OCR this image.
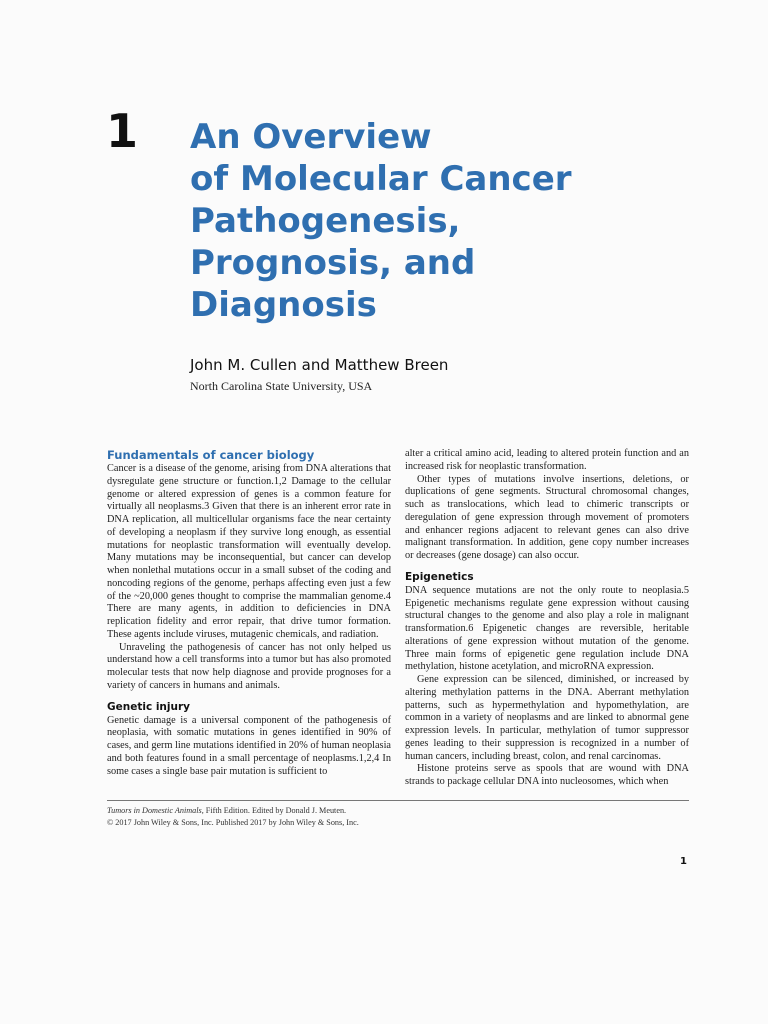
1 An Overview
of Molecular Cancer
Pathogenesis,
Prognosis, and
Diagnosis
John M. Cullen and Matthew Breen
North Carolina State University, USA
Fundamentals of cancer biology

Cancer is a disease of the genome, arising from DNA alterations that dysregulate gene structure or function.1,2 Damage to the cellular genome or altered expression of genes is a common feature for virtually all neoplasms.3 Given that there is an inherent error rate in DNA replication, all multicellular organisms face the near certainty of developing a neoplasm if they survive long enough, as essential mutations for neoplastic transformation will eventually develop. Many mutations may be inconsequential, but cancer can develop when nonlethal mutations occur in a small subset of the coding and noncoding regions of the genome, perhaps affecting even just a few of the ~20,000 genes thought to comprise the mammalian genome.4 There are many agents, in addition to deficiencies in DNA replication fidelity and error repair, that drive tumor formation. These agents include viruses, mutagenic chemicals, and radiation.

Unraveling the pathogenesis of cancer has not only helped us understand how a cell transforms into a tumor but has also promoted molecular tests that now help diagnose and provide prognoses for a variety of cancers in humans and animals.

Genetic injury

Genetic damage is a universal component of the pathogenesis of neoplasia, with somatic mutations in genes identified in 90% of cases, and germ line mutations identified in 20% of human neoplasia and both features found in a small percentage of neoplasms.1,2,4 In some cases a single base pair mutation is sufficient to

alter a critical amino acid, leading to altered protein function and an increased risk for neoplastic transformation.

Other types of mutations involve insertions, deletions, or duplications of gene segments. Structural chromosomal changes, such as translocations, which lead to chimeric transcripts or deregulation of gene expression through movement of promoters and enhancer regions adjacent to relevant genes can also drive malignant transformation. In addition, gene copy number increases or decreases (gene dosage) can also occur.

Epigenetics

DNA sequence mutations are not the only route to neoplasia.5 Epigenetic mechanisms regulate gene expression without causing structural changes to the genome and also play a role in malignant transformation.6 Epigenetic changes are reversible, heritable alterations of gene expression without mutation of the genome. Three main forms of epigenetic gene regulation include DNA methylation, histone acetylation, and microRNA expression.

Gene expression can be silenced, diminished, or increased by altering methylation patterns in the DNA. Aberrant methylation patterns, such as hypermethylation and hypomethylation, are common in a variety of neoplasms and are linked to abnormal gene expression levels. In particular, methylation of tumor suppressor genes leading to their suppression is recognized in a number of human cancers, including breast, colon, and renal carcinomas.

Histone proteins serve as spools that are wound with DNA strands to package cellular DNA into nucleosomes, which when

Tumors in Domestic Animals, Fifth Edition. Edited by Donald J. Meuten.
© 2017 John Wiley & Sons, Inc. Published 2017 by John Wiley & Sons, Inc.
1
